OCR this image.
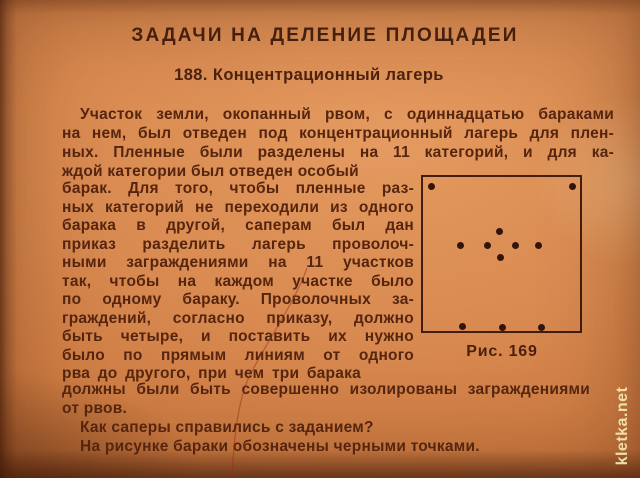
ЗАДАЧИ НА ДЕЛЕНИЕ ПЛОЩАДЕИ
188. Концентрационный лагерь
Участок земли, окопанный рвом, с одиннадцатью бараками
на нем, был отведен под концентрационный лагерь для плен-
ных. Пленные были разделены на 11 категорий, и для ка-
ждой категории был отведен особый
барак. Для того, чтобы пленные раз-
ных категорий не переходили из одного
барака в другой, саперам был дан
приказ разделить лагерь проволоч-
ными заграждениями на 11 участков
так, чтобы на каждом участке было
по одному бараку. Проволочных за-
граждений, согласно приказу, должно
быть четыре, и поставить их нужно
было по прямым линиям от одного
рва до другого, при чем три барака
должны были быть совершенно изолированы заграждениями
от рвов.
Как саперы справились с заданием?
На рисунке бараки обозначены черными точками.
Рис. 169
kletka.net
